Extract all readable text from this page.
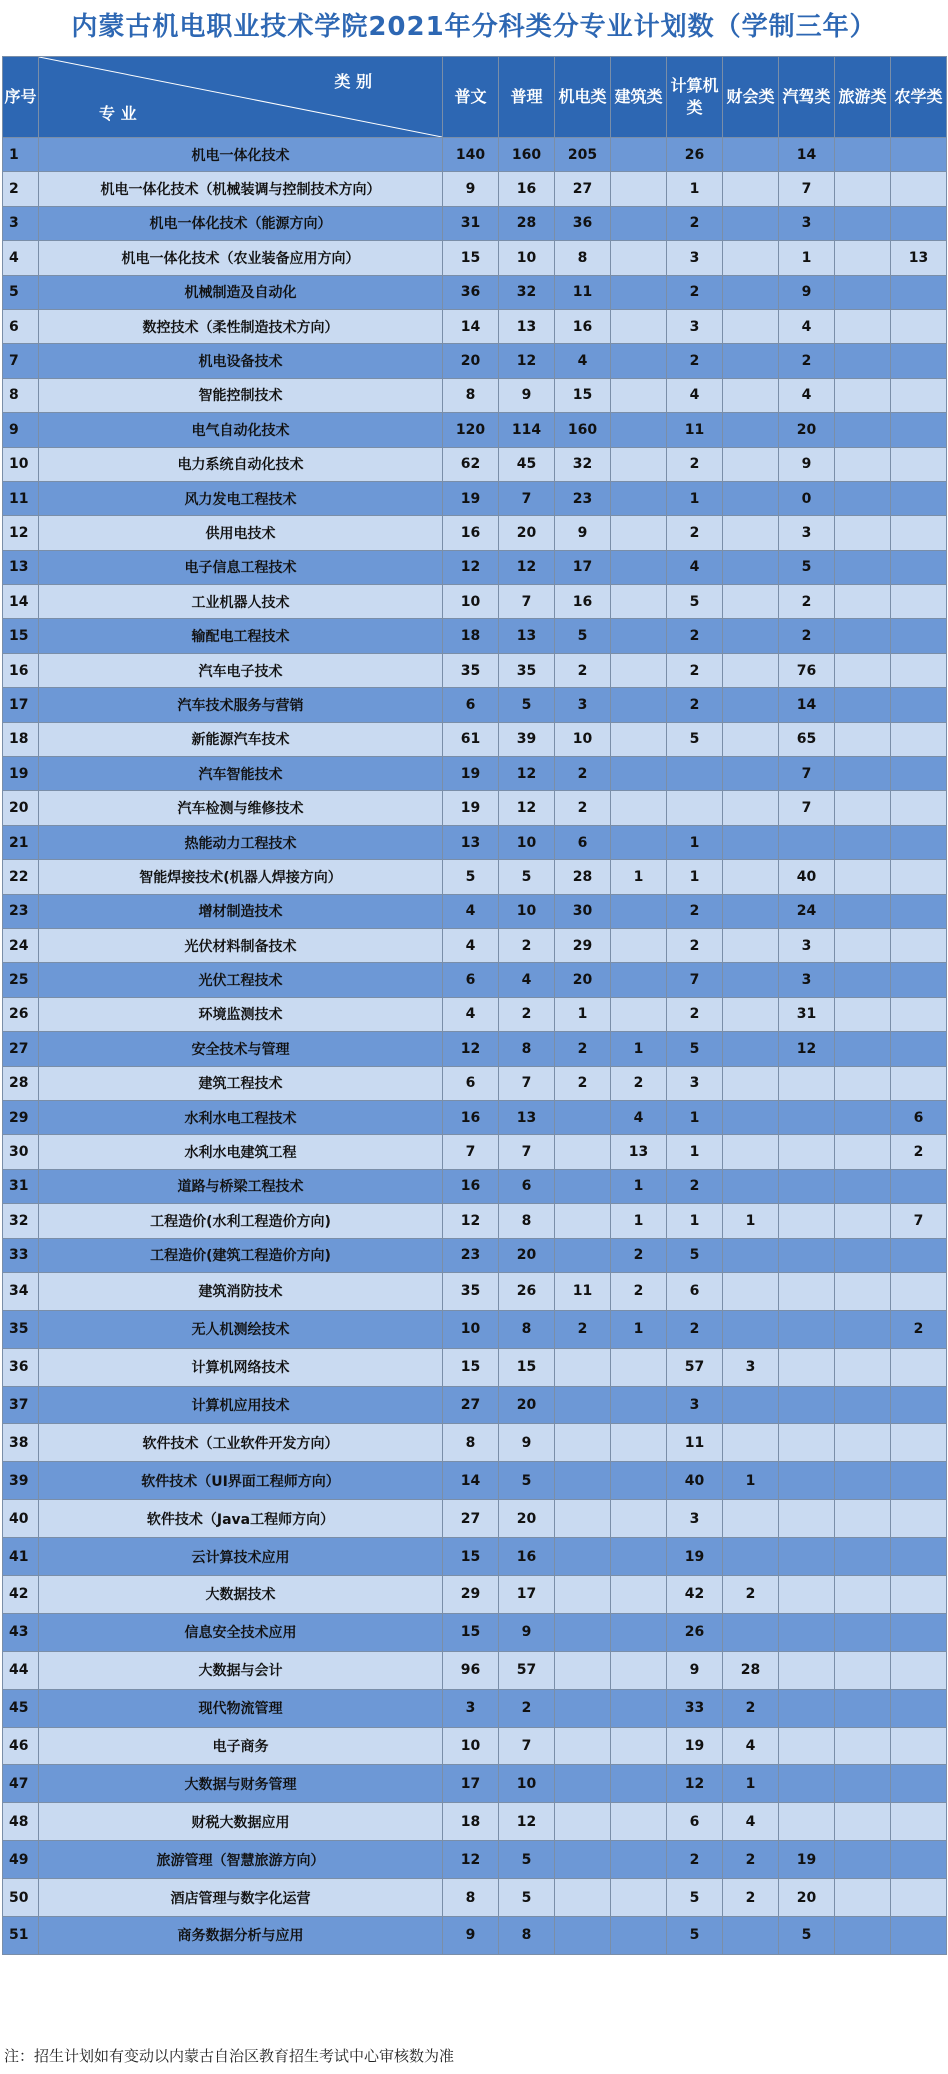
内蒙古机电职业技术学院2021年分科类分专业计划数（学制三年）
序号	类 别
专 业	普文	普理	机电类	建筑类	计算机类	财会类	汽驾类	旅游类	农学类
1	机电一体化技术	140	160	205		26		14		
2	机电一体化技术（机械装调与控制技术方向）	9	16	27		1		7		
3	机电一体化技术（能源方向）	31	28	36		2		3		
4	机电一体化技术（农业装备应用方向）	15	10	8		3		1		13
5	机械制造及自动化	36	32	11		2		9		
6	数控技术（柔性制造技术方向）	14	13	16		3		4		
7	机电设备技术	20	12	4		2		2		
8	智能控制技术	8	9	15		4		4		
9	电气自动化技术	120	114	160		11		20		
10	电力系统自动化技术	62	45	32		2		9		
11	风力发电工程技术	19	7	23		1		0		
12	供用电技术	16	20	9		2		3		
13	电子信息工程技术	12	12	17		4		5		
14	工业机器人技术	10	7	16		5		2		
15	输配电工程技术	18	13	5		2		2		
16	汽车电子技术	35	35	2		2		76		
17	汽车技术服务与营销	6	5	3		2		14		
18	新能源汽车技术	61	39	10		5		65		
19	汽车智能技术	19	12	2				7		
20	汽车检测与维修技术	19	12	2				7		
21	热能动力工程技术	13	10	6		1				
22	智能焊接技术(机器人焊接方向）	5	5	28	1	1		40		
23	增材制造技术	4	10	30		2		24		
24	光伏材料制备技术	4	2	29		2		3		
25	光伏工程技术	6	4	20		7		3		
26	环境监测技术	4	2	1		2		31		
27	安全技术与管理	12	8	2	1	5		12		
28	建筑工程技术	6	7	2	2	3				
29	水利水电工程技术	16	13		4	1				6
30	水利水电建筑工程	7	7		13	1				2
31	道路与桥梁工程技术	16	6		1	2				
32	工程造价(水利工程造价方向)	12	8		1	1	1			7
33	工程造价(建筑工程造价方向)	23	20		2	5				
34	建筑消防技术	35	26	11	2	6				
35	无人机测绘技术	10	8	2	1	2				2
36	计算机网络技术	15	15			57	3			
37	计算机应用技术	27	20			3				
38	软件技术（工业软件开发方向）	8	9			11				
39	软件技术（UI界面工程师方向）	14	5			40	1			
40	软件技术（Java工程师方向）	27	20			3				
41	云计算技术应用	15	16			19				
42	大数据技术	29	17			42	2			
43	信息安全技术应用	15	9			26				
44	大数据与会计	96	57			9	28			
45	现代物流管理	3	2			33	2			
46	电子商务	10	7			19	4			
47	大数据与财务管理	17	10			12	1			
48	财税大数据应用	18	12			6	4			
49	旅游管理（智慧旅游方向）	12	5			2	2	19		
50	酒店管理与数字化运营	8	5			5	2	20		
51	商务数据分析与应用	9	8			5		5		
注：招生计划如有变动以内蒙古自治区教育招生考试中心审核数为准
